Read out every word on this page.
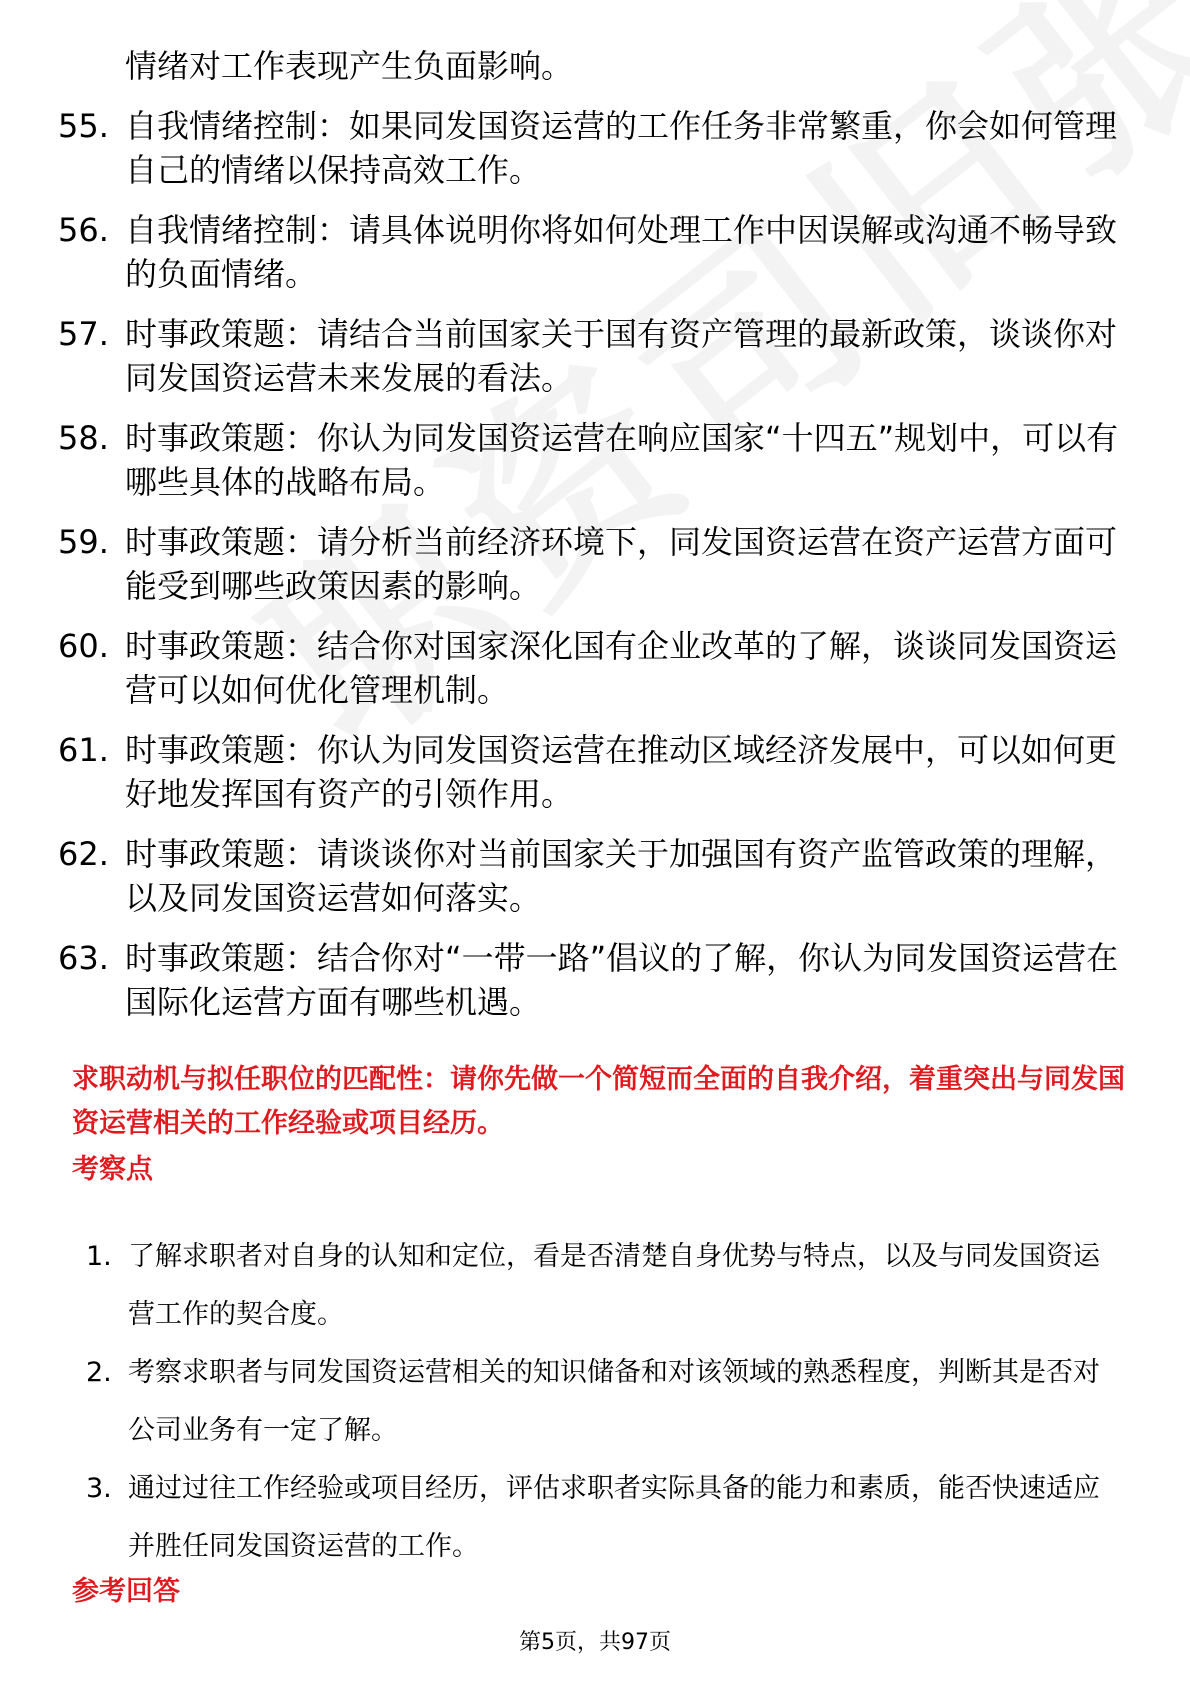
情绪对工作表现产生负面影响。
55. 自我情绪控制：如果同发国资运营的工作任务非常繁重，你会如何管理自己的情绪以保持高效工作。
56. 自我情绪控制：请具体说明你将如何处理工作中因误解或沟通不畅导致的负面情绪。
57. 时事政策题：请结合当前国家关于国有资产管理的最新政策，谈谈你对同发国资运营未来发展的看法。
58. 时事政策题：你认为同发国资运营在响应国家“十四五”规划中，可以有哪些具体的战略布局。
59. 时事政策题：请分析当前经济环境下，同发国资运营在资产运营方面可能受到哪些政策因素的影响。
60. 时事政策题：结合你对国家深化国有企业改革的了解，谈谈同发国资运营可以如何优化管理机制。
61. 时事政策题：你认为同发国资运营在推动区域经济发展中，可以如何更好地发挥国有资产的引领作用。
62. 时事政策题：请谈谈你对当前国家关于加强国有资产监管政策的理解，以及同发国资运营如何落实。
63. 时事政策题：结合你对“一带一路”倡议的了解，你认为同发国资运营在国际化运营方面有哪些机遇。
求职动机与拟任职位的匹配性：请你先做一个简短而全面的自我介绍，着重突出与同发国资运营相关的工作经验或项目经历。
考察点
1. 了解求职者对自身的认知和定位，看是否清楚自身优势与特点，以及与同发国资运营工作的契合度。
2. 考察求职者与同发国资运营相关的知识储备和对该领域的熟悉程度，判断其是否对公司业务有一定了解。
3. 通过过往工作经验或项目经历，评估求职者实际具备的能力和素质，能否快速适应并胜任同发国资运营的工作。
参考回答
第5页，共97页
